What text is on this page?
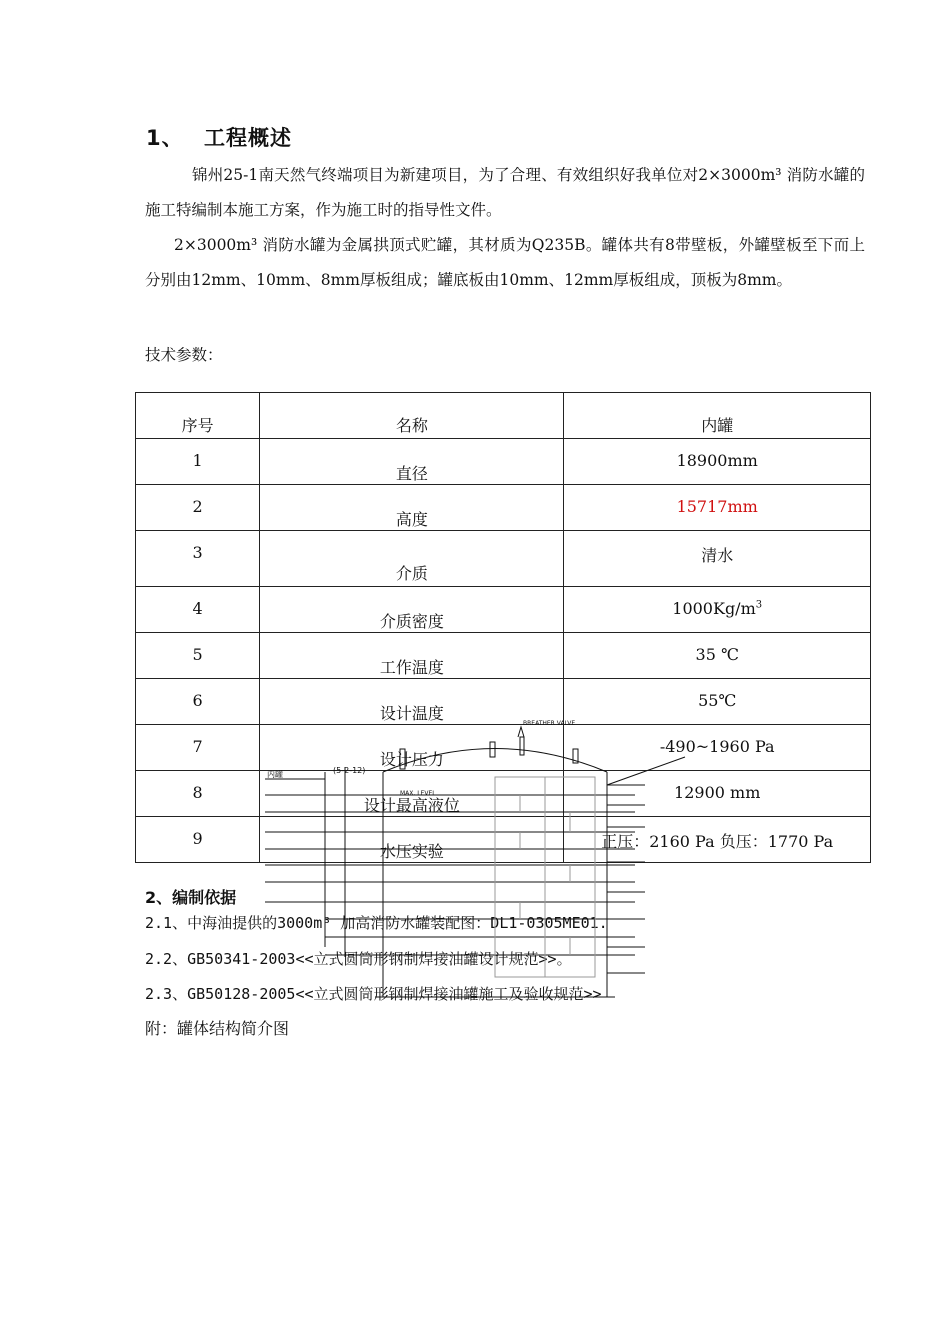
1、 工程概述
锦州25-1南天然气终端项目为新建项目，为了合理、有效组织好我单位对2×3000m³ 消防水罐的施工特编制本施工方案，作为施工时的指导性文件。
2×3000m³ 消防水罐为金属拱顶式贮罐，其材质为Q235B。罐体共有8带壁板，外罐壁板至下而上分别由12mm、10mm、8mm厚板组成；罐底板由10mm、12mm厚板组成，顶板为8mm。
技术参数：
序号	名称	内罐

1	直径	18900mm

2	高度	15717mm

3	介质	清水

4	介质密度	$1000Kg/m^3$

5	工作温度	35 ℃

6	设计温度	55℃

7	设计压力	-490~1960 Pa

8	设计最高液位	12900 mm

9	水压实验	正压：2160 Pa 负压：1770 Pa
2、编制依据
2.1、中海油提供的3000m³ 加高消防水罐装配图：DL1-0305ME01.
2.2、GB50341-2003<<立式圆筒形钢制焊接油罐设计规范>>。
2.3、GB50128-2005<<立式圆筒形钢制焊接油罐施工及验收规范>>
附：罐体结构简介图
内罐
BREATHER VALVE
MAX. LEVEL
(5-2-12)
